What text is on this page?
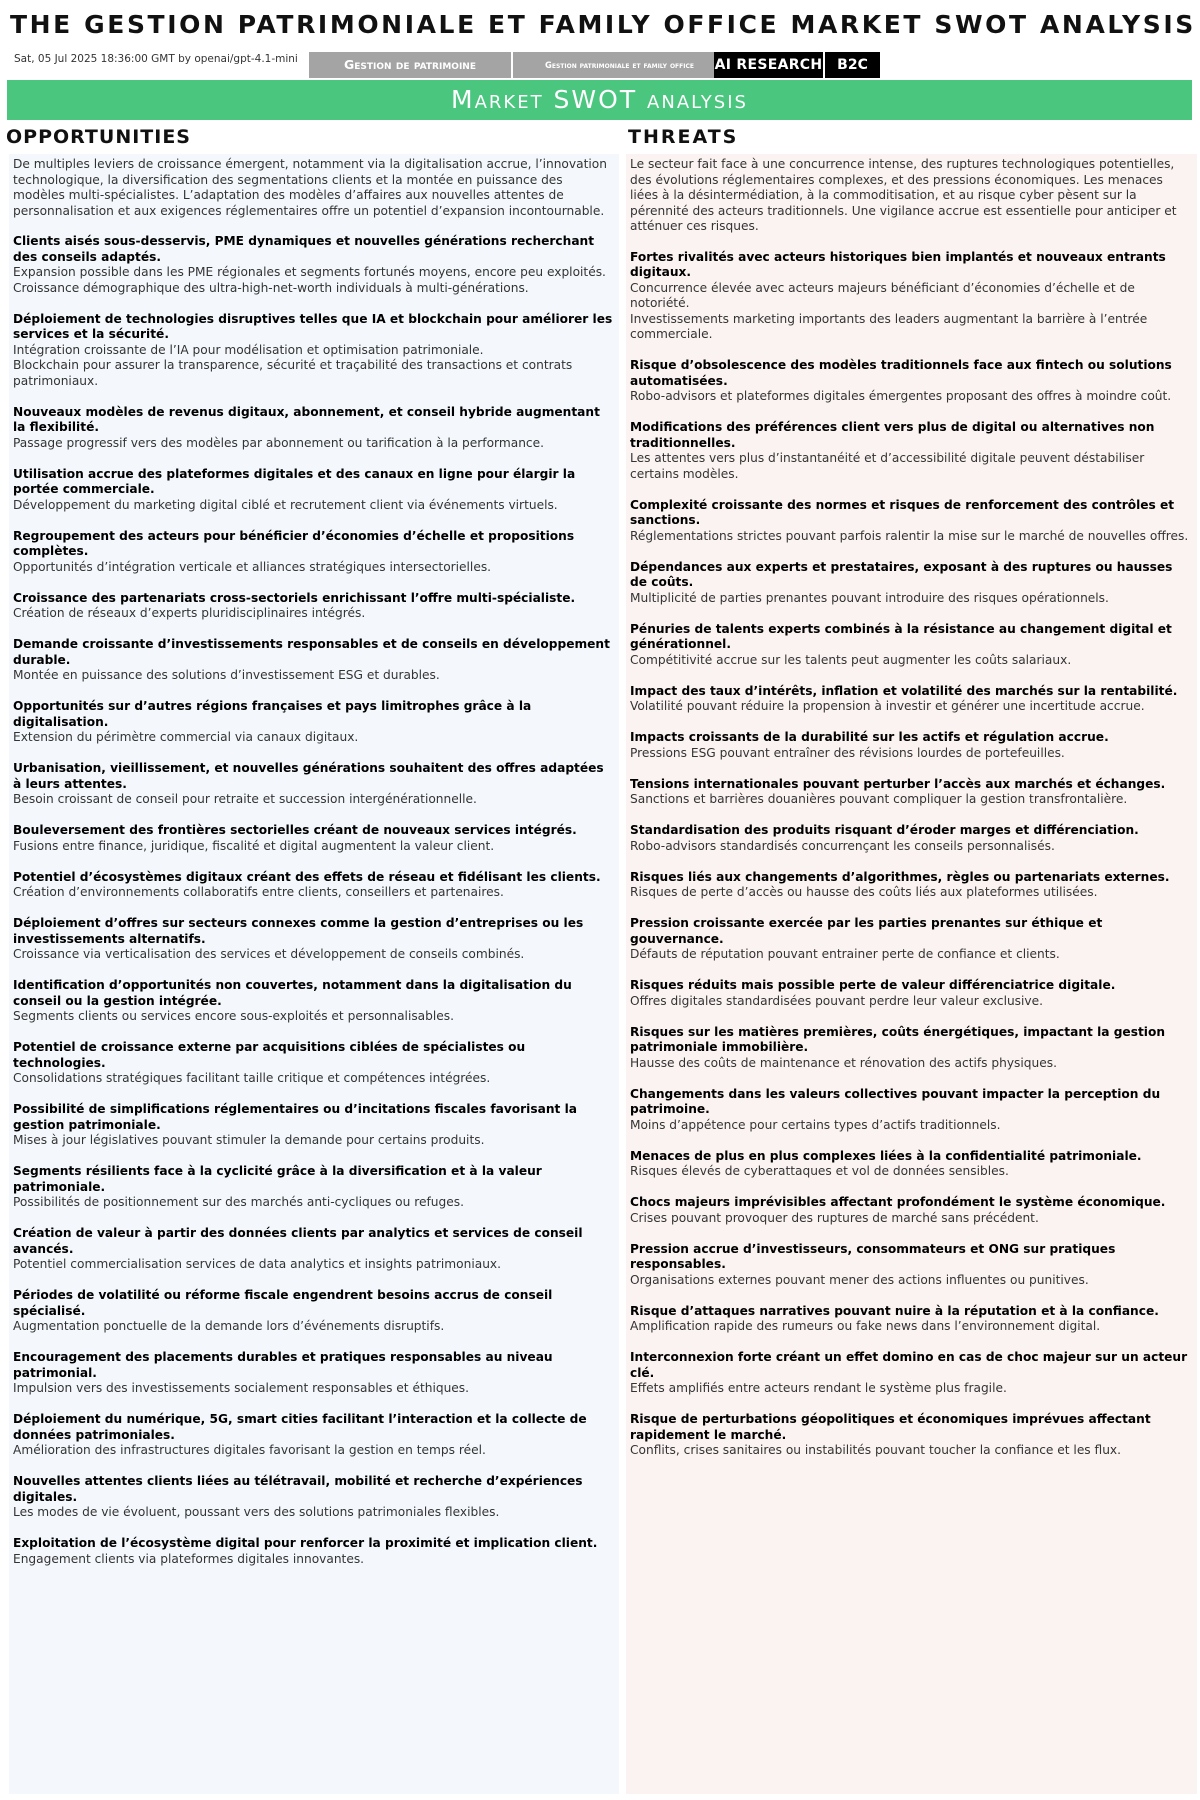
THE GESTION PATRIMONIALE ET FAMILY OFFICE MARKET SWOT ANALYSIS
Sat, 05 Jul 2025 18:36:00 GMT by openai/gpt-4.1-mini	Gestion de patrimoine	Gestion patrimoniale et family office	AI RESEARCH	B2C
Market SWOT analysis
OPPORTUNITIES
De multiples leviers de croissance émergent, notamment via la digitalisation accrue, l’innovation technologique, la diversification des segmentations clients et la montée en puissance des modèles multi-spécialistes. L’adaptation des modèles d’affaires aux nouvelles attentes de personnalisation et aux exigences réglementaires offre un potentiel d’expansion incontournable.
Clients aisés sous-desservis, PME dynamiques et nouvelles générations recherchant des conseils adaptés.
Expansion possible dans les PME régionales et segments fortunés moyens, encore peu exploités.
Croissance démographique des ultra-high-net-worth individuals à multi-générations.
Déploiement de technologies disruptives telles que IA et blockchain pour améliorer les services et la sécurité.
Intégration croissante de l’IA pour modélisation et optimisation patrimoniale.
Blockchain pour assurer la transparence, sécurité et traçabilité des transactions et contrats patrimoniaux.
Nouveaux modèles de revenus digitaux, abonnement, et conseil hybride augmentant la flexibilité.
Passage progressif vers des modèles par abonnement ou tarification à la performance.
Utilisation accrue des plateformes digitales et des canaux en ligne pour élargir la portée commerciale.
Développement du marketing digital ciblé et recrutement client via événements virtuels.
Regroupement des acteurs pour bénéficier d’économies d’échelle et propositions complètes.
Opportunités d’intégration verticale et alliances stratégiques intersectorielles.
Croissance des partenariats cross-sectoriels enrichissant l’offre multi-spécialiste.
Création de réseaux d’experts pluridisciplinaires intégrés.
Demande croissante d’investissements responsables et de conseils en développement durable.
Montée en puissance des solutions d’investissement ESG et durables.
Opportunités sur d’autres régions françaises et pays limitrophes grâce à la digitalisation.
Extension du périmètre commercial via canaux digitaux.
Urbanisation, vieillissement, et nouvelles générations souhaitent des offres adaptées à leurs attentes.
Besoin croissant de conseil pour retraite et succession intergénérationnelle.
Bouleversement des frontières sectorielles créant de nouveaux services intégrés.
Fusions entre finance, juridique, fiscalité et digital augmentent la valeur client.
Potentiel d’écosystèmes digitaux créant des effets de réseau et fidélisant les clients.
Création d’environnements collaboratifs entre clients, conseillers et partenaires.
Déploiement d’offres sur secteurs connexes comme la gestion d’entreprises ou les investissements alternatifs.
Croissance via verticalisation des services et développement de conseils combinés.
Identification d’opportunités non couvertes, notamment dans la digitalisation du conseil ou la gestion intégrée.
Segments clients ou services encore sous-exploités et personnalisables.
Potentiel de croissance externe par acquisitions ciblées de spécialistes ou technologies.
Consolidations stratégiques facilitant taille critique et compétences intégrées.
Possibilité de simplifications réglementaires ou d’incitations fiscales favorisant la gestion patrimoniale.
Mises à jour législatives pouvant stimuler la demande pour certains produits.
Segments résilients face à la cyclicité grâce à la diversification et à la valeur patrimoniale.
Possibilités de positionnement sur des marchés anti-cycliques ou refuges.
Création de valeur à partir des données clients par analytics et services de conseil avancés.
Potentiel commercialisation services de data analytics et insights patrimoniaux.
Périodes de volatilité ou réforme fiscale engendrent besoins accrus de conseil spécialisé.
Augmentation ponctuelle de la demande lors d’événements disruptifs.
Encouragement des placements durables et pratiques responsables au niveau patrimonial.
Impulsion vers des investissements socialement responsables et éthiques.
Déploiement du numérique, 5G, smart cities facilitant l’interaction et la collecte de données patrimoniales.
Amélioration des infrastructures digitales favorisant la gestion en temps réel.
Nouvelles attentes clients liées au télétravail, mobilité et recherche d’expériences digitales.
Les modes de vie évoluent, poussant vers des solutions patrimoniales flexibles.
Exploitation de l’écosystème digital pour renforcer la proximité et implication client.
Engagement clients via plateformes digitales innovantes.
THREATS
Le secteur fait face à une concurrence intense, des ruptures technologiques potentielles, des évolutions réglementaires complexes, et des pressions économiques. Les menaces liées à la désintermédiation, à la commoditisation, et au risque cyber pèsent sur la pérennité des acteurs traditionnels. Une vigilance accrue est essentielle pour anticiper et atténuer ces risques.
Fortes rivalités avec acteurs historiques bien implantés et nouveaux entrants digitaux.
Concurrence élevée avec acteurs majeurs bénéficiant d’économies d’échelle et de notoriété.
Investissements marketing importants des leaders augmentant la barrière à l’entrée commerciale.
Risque d’obsolescence des modèles traditionnels face aux fintech ou solutions automatisées.
Robo-advisors et plateformes digitales émergentes proposant des offres à moindre coût.
Modifications des préférences client vers plus de digital ou alternatives non traditionnelles.
Les attentes vers plus d’instantanéité et d’accessibilité digitale peuvent déstabiliser certains modèles.
Complexité croissante des normes et risques de renforcement des contrôles et sanctions.
Réglementations strictes pouvant parfois ralentir la mise sur le marché de nouvelles offres.
Dépendances aux experts et prestataires, exposant à des ruptures ou hausses de coûts.
Multiplicité de parties prenantes pouvant introduire des risques opérationnels.
Pénuries de talents experts combinés à la résistance au changement digital et générationnel.
Compétitivité accrue sur les talents peut augmenter les coûts salariaux.
Impact des taux d’intérêts, inflation et volatilité des marchés sur la rentabilité.
Volatilité pouvant réduire la propension à investir et générer une incertitude accrue.
Impacts croissants de la durabilité sur les actifs et régulation accrue.
Pressions ESG pouvant entraîner des révisions lourdes de portefeuilles.
Tensions internationales pouvant perturber l’accès aux marchés et échanges.
Sanctions et barrières douanières pouvant compliquer la gestion transfrontalière.
Standardisation des produits risquant d’éroder marges et différenciation.
Robo-advisors standardisés concurrençant les conseils personnalisés.
Risques liés aux changements d’algorithmes, règles ou partenariats externes.
Risques de perte d’accès ou hausse des coûts liés aux plateformes utilisées.
Pression croissante exercée par les parties prenantes sur éthique et gouvernance.
Défauts de réputation pouvant entrainer perte de confiance et clients.
Risques réduits mais possible perte de valeur différenciatrice digitale.
Offres digitales standardisées pouvant perdre leur valeur exclusive.
Risques sur les matières premières, coûts énergétiques, impactant la gestion patrimoniale immobilière.
Hausse des coûts de maintenance et rénovation des actifs physiques.
Changements dans les valeurs collectives pouvant impacter la perception du patrimoine.
Moins d’appétence pour certains types d’actifs traditionnels.
Menaces de plus en plus complexes liées à la confidentialité patrimoniale.
Risques élevés de cyberattaques et vol de données sensibles.
Chocs majeurs imprévisibles affectant profondément le système économique.
Crises pouvant provoquer des ruptures de marché sans précédent.
Pression accrue d’investisseurs, consommateurs et ONG sur pratiques responsables.
Organisations externes pouvant mener des actions influentes ou punitives.
Risque d’attaques narratives pouvant nuire à la réputation et à la confiance.
Amplification rapide des rumeurs ou fake news dans l’environnement digital.
Interconnexion forte créant un effet domino en cas de choc majeur sur un acteur clé.
Effets amplifiés entre acteurs rendant le système plus fragile.
Risque de perturbations géopolitiques et économiques imprévues affectant rapidement le marché.
Conflits, crises sanitaires ou instabilités pouvant toucher la confiance et les flux.
